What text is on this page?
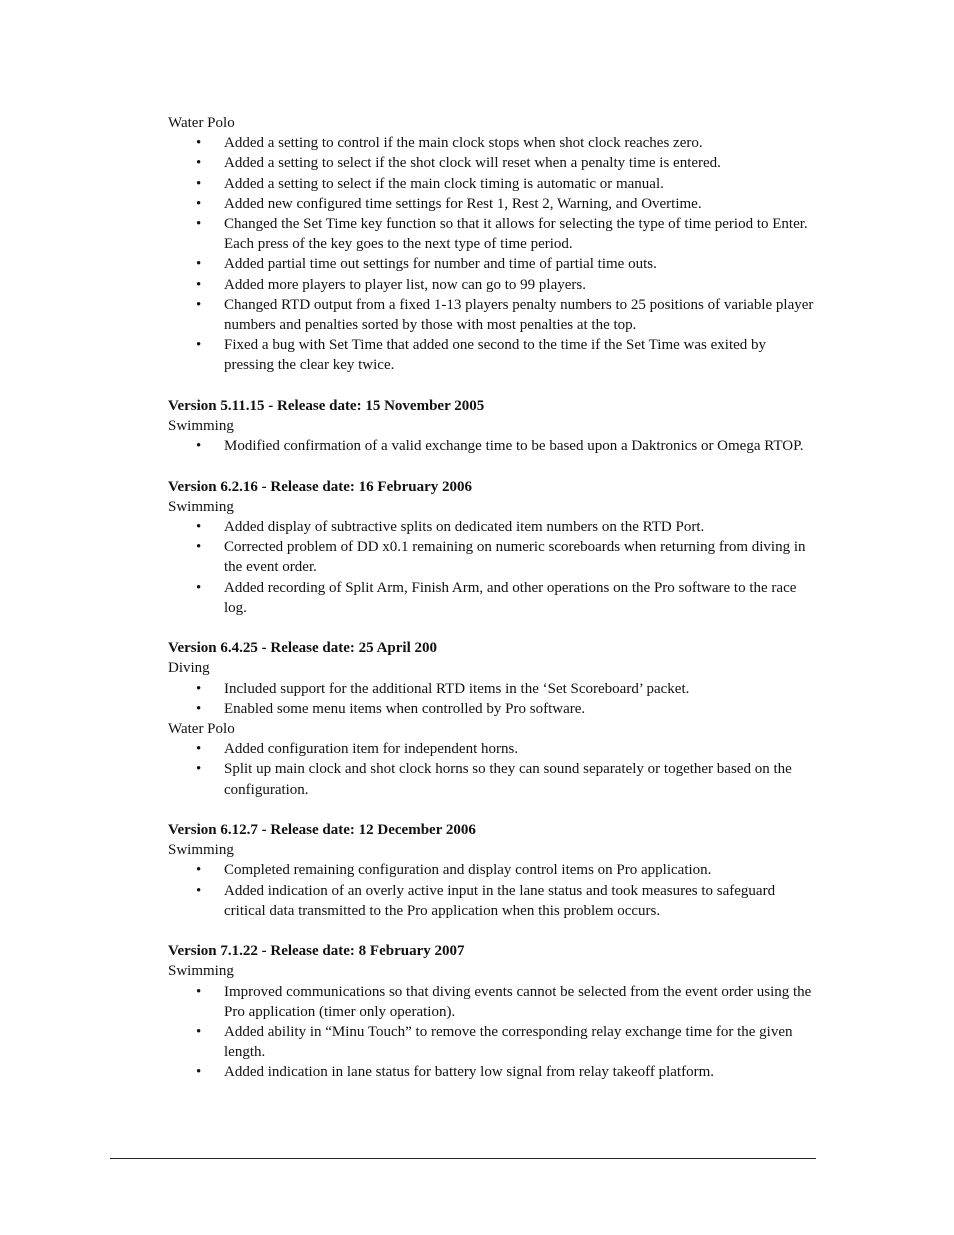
Water Polo

• Added a setting to control if the main clock stops when shot clock reaches zero.
• Added a setting to select if the shot clock will reset when a penalty time is entered.
• Added a setting to select if the main clock timing is automatic or manual.
• Added new configured time settings for Rest 1, Rest 2, Warning, and Overtime.
• Changed the Set Time key function so that it allows for selecting the type of time period to Enter. Each press of the key goes to the next type of time period.
• Added partial time out settings for number and time of partial time outs.
• Added more players to player list, now can go to 99 players.
• Changed RTD output from a fixed 1-13 players penalty numbers to 25 positions of variable player numbers and penalties sorted by those with most penalties at the top.
• Fixed a bug with Set Time that added one second to the time if the Set Time was exited by pressing the clear key twice.

Version 5.11.15 - Release date: 15 November 2005

Swimming

• Modified confirmation of a valid exchange time to be based upon a Daktronics or Omega RTOP.

Version 6.2.16 - Release date: 16 February 2006

Swimming

• Added display of subtractive splits on dedicated item numbers on the RTD Port.
• Corrected problem of DD x0.1 remaining on numeric scoreboards when returning from diving in the event order.
• Added recording of Split Arm, Finish Arm, and other operations on the Pro software to the race log.

Version 6.4.25 - Release date: 25 April 200

Diving

• Included support for the additional RTD items in the ‘Set Scoreboard’ packet.
• Enabled some menu items when controlled by Pro software.

Water Polo

• Added configuration item for independent horns.
• Split up main clock and shot clock horns so they can sound separately or together based on the configuration.

Version 6.12.7 - Release date: 12 December 2006

Swimming

• Completed remaining configuration and display control items on Pro application.
• Added indication of an overly active input in the lane status and took measures to safeguard critical data transmitted to the Pro application when this problem occurs.

Version 7.1.22 - Release date: 8 February 2007

Swimming

• Improved communications so that diving events cannot be selected from the event order using the Pro application (timer only operation).
• Added ability in “Minu Touch” to remove the corresponding relay exchange time for the given length.
• Added indication in lane status for battery low signal from relay takeoff platform.
